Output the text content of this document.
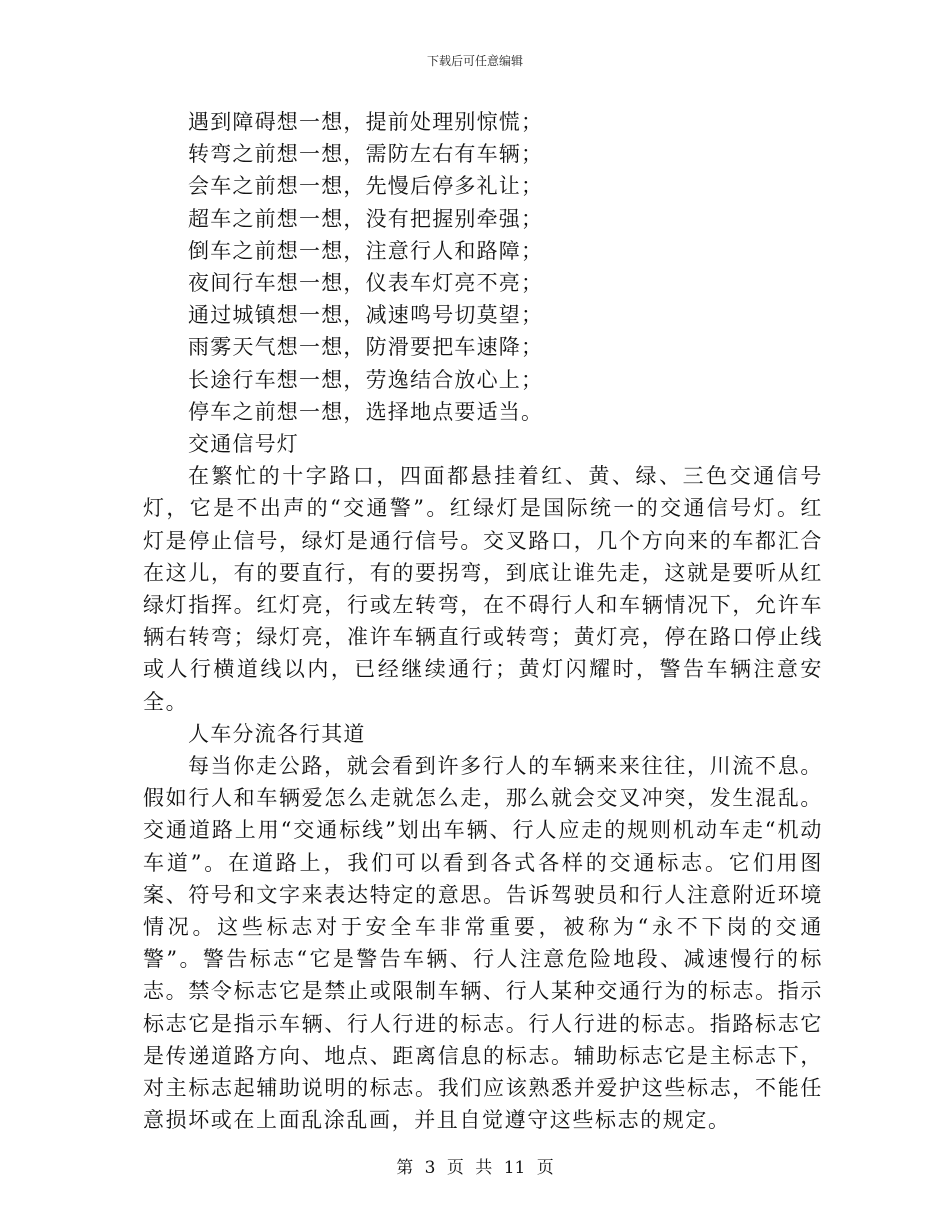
下载后可任意编辑
遇到障碍想一想，提前处理别惊慌；
转弯之前想一想，需防左右有车辆；
会车之前想一想，先慢后停多礼让；
超车之前想一想，没有把握别牵强；
倒车之前想一想，注意行人和路障；
夜间行车想一想，仪表车灯亮不亮；
通过城镇想一想，减速鸣号切莫望；
雨雾天气想一想，防滑要把车速降；
长途行车想一想，劳逸结合放心上；
停车之前想一想，选择地点要适当。
交通信号灯
在繁忙的十字路口，四面都悬挂着红、黄、绿、三色交通信号灯，它是不出声的“交通警”。红绿灯是国际统一的交通信号灯。红灯是停止信号，绿灯是通行信号。交叉路口，几个方向来的车都汇合在这儿，有的要直行，有的要拐弯，到底让谁先走，这就是要听从红绿灯指挥。红灯亮，行或左转弯，在不碍行人和车辆情况下，允许车辆右转弯；绿灯亮，准许车辆直行或转弯；黄灯亮，停在路口停止线或人行横道线以内，已经继续通行；黄灯闪耀时，警告车辆注意安全。
人车分流各行其道
每当你走公路，就会看到许多行人的车辆来来往往，川流不息。假如行人和车辆爱怎么走就怎么走，那么就会交叉冲突，发生混乱。交通道路上用“交通标线”划出车辆、行人应走的规则机动车走“机动车道”。在道路上，我们可以看到各式各样的交通标志。它们用图案、符号和文字来表达特定的意思。告诉驾驶员和行人注意附近环境情况。这些标志对于安全车非常重要，被称为“永不下岗的交通警”。警告标志“它是警告车辆、行人注意危险地段、减速慢行的标志。禁令标志它是禁止或限制车辆、行人某种交通行为的标志。指示标志它是指示车辆、行人行进的标志。行人行进的标志。指路标志它是传递道路方向、地点、距离信息的标志。辅助标志它是主标志下，对主标志起辅助说明的标志。我们应该熟悉并爱护这些标志，不能任意损坏或在上面乱涂乱画，并且自觉遵守这些标志的规定。
第 3 页 共 11 页
